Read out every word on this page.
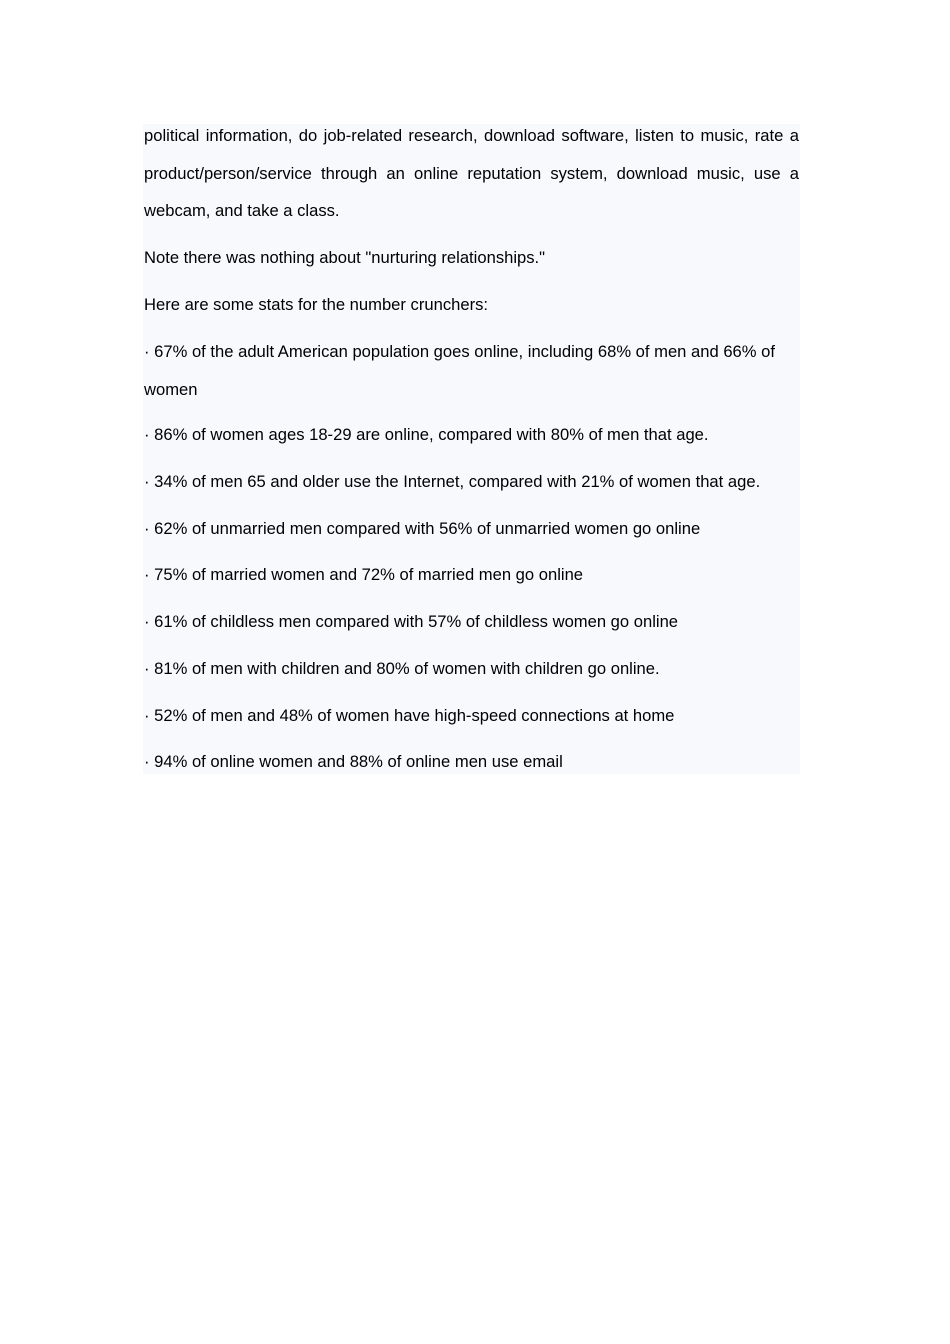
political information, do job-related research, download software, listen to music, rate a product/person/service through an online reputation system, download music, use a webcam, and take a class.

Note there was nothing about "nurturing relationships."

Here are some stats for the number crunchers:

· 67% of the adult American population goes online, including 68% of men and 66% of women

· 86% of women ages 18-29 are online, compared with 80% of men that age.

· 34% of men 65 and older use the Internet, compared with 21% of women that age.

· 62% of unmarried men compared with 56% of unmarried women go online

· 75% of married women and 72% of married men go online

· 61% of childless men compared with 57% of childless women go online

· 81% of men with children and 80% of women with children go online.

· 52% of men and 48% of women have high-speed connections at home

· 94% of online women and 88% of online men use email
